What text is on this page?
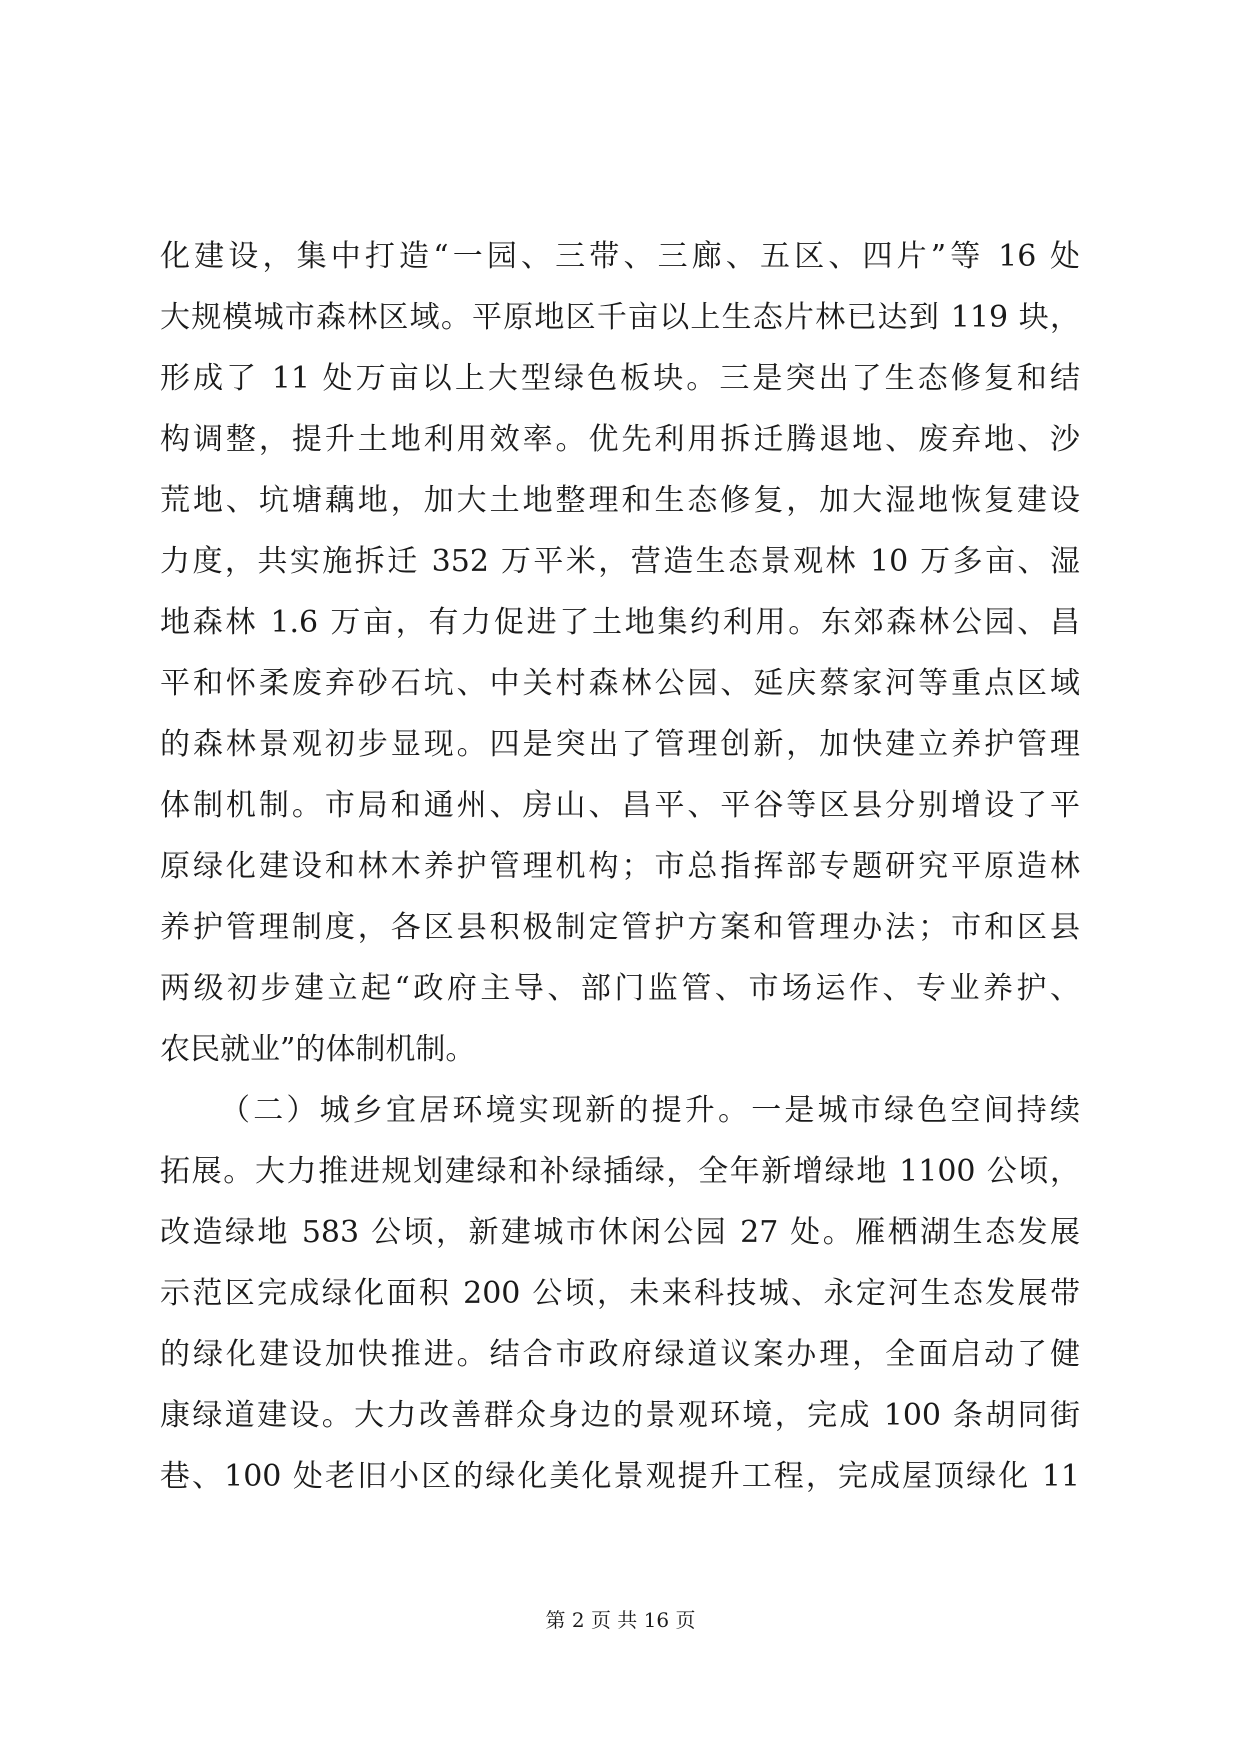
化建设，集中打造“一园、三带、三廊、五区、四片”等 16 处
大规模城市森林区域。平原地区千亩以上生态片林已达到 119 块，
形成了 11 处万亩以上大型绿色板块。三是突出了生态修复和结
构调整，提升土地利用效率。优先利用拆迁腾退地、废弃地、沙
荒地、坑塘藕地，加大土地整理和生态修复，加大湿地恢复建设
力度，共实施拆迁 352 万平米，营造生态景观林 10 万多亩、湿
地森林 1.6 万亩，有力促进了土地集约利用。东郊森林公园、昌
平和怀柔废弃砂石坑、中关村森林公园、延庆蔡家河等重点区域
的森林景观初步显现。四是突出了管理创新，加快建立养护管理
体制机制。市局和通州、房山、昌平、平谷等区县分别增设了平
原绿化建设和林木养护管理机构；市总指挥部专题研究平原造林
养护管理制度，各区县积极制定管护方案和管理办法；市和区县
两级初步建立起“政府主导、部门监管、市场运作、专业养护、
农民就业”的体制机制。
（二）城乡宜居环境实现新的提升。一是城市绿色空间持续
拓展。大力推进规划建绿和补绿插绿，全年新增绿地 1100 公顷，
改造绿地 583 公顷，新建城市休闲公园 27 处。雁栖湖生态发展
示范区完成绿化面积 200 公顷，未来科技城、永定河生态发展带
的绿化建设加快推进。结合市政府绿道议案办理，全面启动了健
康绿道建设。大力改善群众身边的景观环境，完成 100 条胡同街
巷、100 处老旧小区的绿化美化景观提升工程，完成屋顶绿化 11
第 2 页 共 16 页
